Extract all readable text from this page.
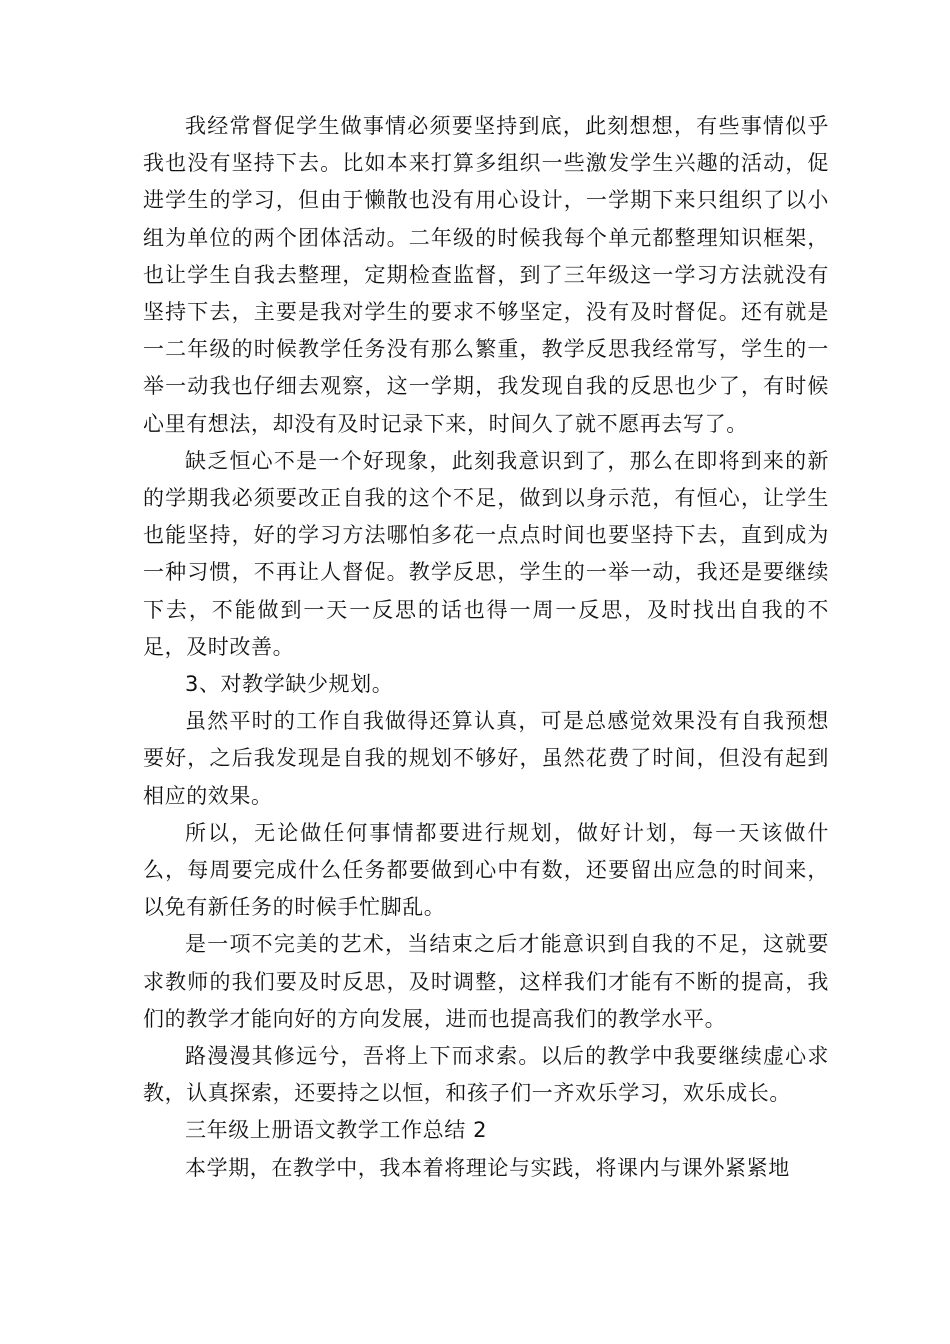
我经常督促学生做事情必须要坚持到底，此刻想想，有些事情似乎我也没有坚持下去。比如本来打算多组织一些激发学生兴趣的活动，促进学生的学习，但由于懒散也没有用心设计，一学期下来只组织了以小组为单位的两个团体活动。二年级的时候我每个单元都整理知识框架，也让学生自我去整理，定期检查监督，到了三年级这一学习方法就没有坚持下去，主要是我对学生的要求不够坚定，没有及时督促。还有就是一二年级的时候教学任务没有那么繁重，教学反思我经常写，学生的一举一动我也仔细去观察，这一学期，我发现自我的反思也少了，有时候心里有想法，却没有及时记录下来，时间久了就不愿再去写了。

缺乏恒心不是一个好现象，此刻我意识到了，那么在即将到来的新的学期我必须要改正自我的这个不足，做到以身示范，有恒心，让学生也能坚持，好的学习方法哪怕多花一点点时间也要坚持下去，直到成为一种习惯，不再让人督促。教学反思，学生的一举一动，我还是要继续下去，不能做到一天一反思的话也得一周一反思，及时找出自我的不足，及时改善。

3、对教学缺少规划。

虽然平时的工作自我做得还算认真，可是总感觉效果没有自我预想要好，之后我发现是自我的规划不够好，虽然花费了时间，但没有起到相应的效果。

所以，无论做任何事情都要进行规划，做好计划，每一天该做什么，每周要完成什么任务都要做到心中有数，还要留出应急的时间来，以免有新任务的时候手忙脚乱。

是一项不完美的艺术，当结束之后才能意识到自我的不足，这就要求教师的我们要及时反思，及时调整，这样我们才能有不断的提高，我们的教学才能向好的方向发展，进而也提高我们的教学水平。

路漫漫其修远兮，吾将上下而求索。以后的教学中我要继续虚心求教，认真探索，还要持之以恒，和孩子们一齐欢乐学习，欢乐成长。

三年级上册语文教学工作总结 2

本学期，在教学中，我本着将理论与实践，将课内与课外紧紧地
